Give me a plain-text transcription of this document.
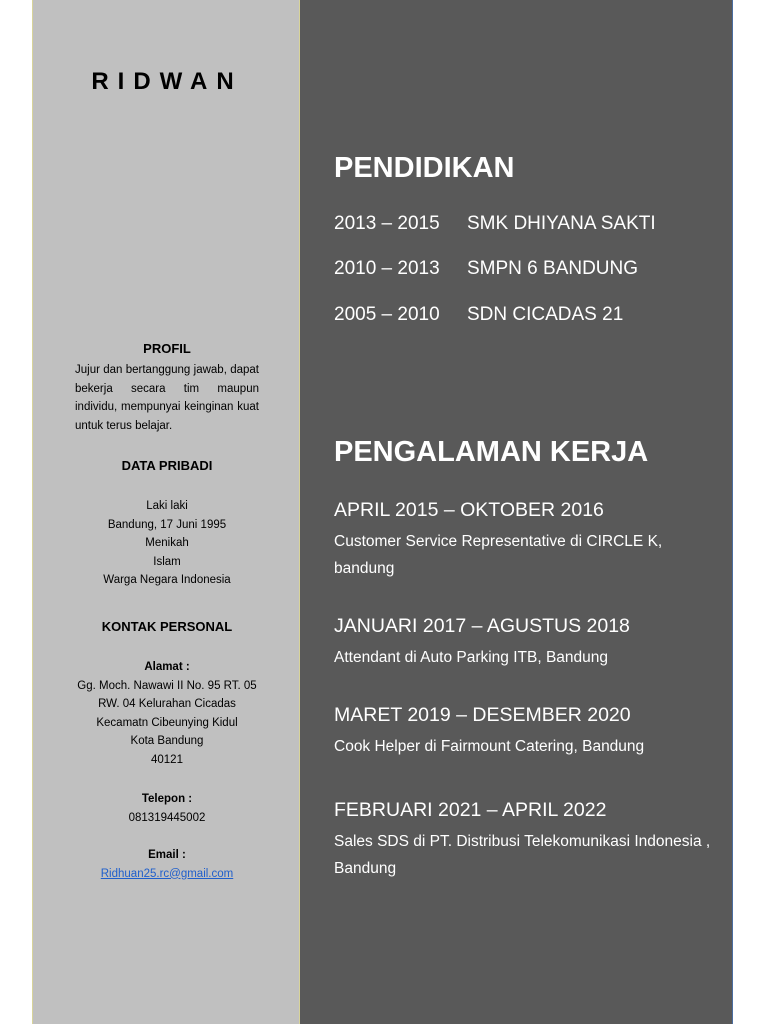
RIDWAN
PROFIL
Jujur dan bertanggung jawab, dapat bekerja secara tim maupun individu, mempunyai keinginan kuat untuk terus belajar.
DATA PRIBADI
Laki laki
Bandung, 17 Juni 1995
Menikah
Islam
Warga Negara Indonesia
KONTAK PERSONAL
Alamat :
Gg. Moch. Nawawi II No. 95 RT. 05
RW. 04 Kelurahan Cicadas
Kecamatn Cibeunying Kidul
Kota Bandung
40121
Telepon :
081319445002
Email :
Ridhuan25.rc@gmail.com
PENDIDIKAN
2013 – 2015 SMK DHIYANA SAKTI
2010 – 2013 SMPN 6 BANDUNG
2005 – 2010 SDN CICADAS 21
PENGALAMAN KERJA
APRIL 2015 – OKTOBER 2016
Customer Service Representative di CIRCLE K, bandung
JANUARI 2017 – AGUSTUS 2018
Attendant di Auto Parking ITB, Bandung
MARET 2019 – DESEMBER 2020
Cook Helper di Fairmount Catering, Bandung
FEBRUARI 2021 – APRIL 2022
Sales SDS di PT. Distribusi Telekomunikasi Indonesia , Bandung
